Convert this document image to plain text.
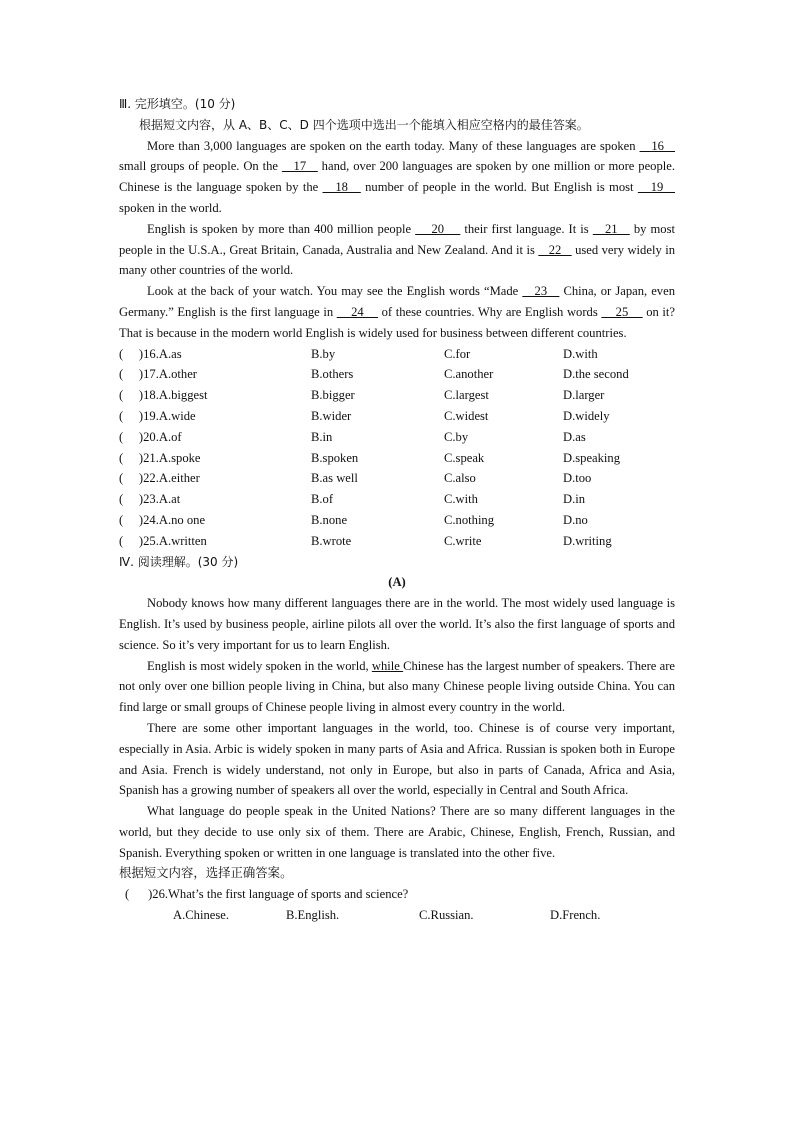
Ⅲ. 完形填空。(10 分)
根据短文内容，从 A、B、C、D 四个选项中选出一个能填入相应空格内的最佳答案。

More than 3,000 languages are spoken on the earth today. Many of these languages are spoken    16    small groups of people. On the    17    hand, over 200 languages are spoken by one million or more people. Chinese is the language spoken by the    18    number of people in the world. But English is most    19    spoken in the world.

English is spoken by more than 400 million people     20     their first language. It is    21    by most people in the U.S.A., Great Britain, Canada, Australia and New Zealand. And it is    22    used very widely in many other countries of the world.

Look at the back of your watch. You may see the English words “Made    23    China, or Japan, even Germany.” English is the first language in     24     of these countries. Why are English words     25     on it? That is because in the modern world English is widely used for business between different countries.

(     )16.A.as	B.by	C.for	D.with
(     )17.A.other	B.others	C.another	D.the second
(     )18.A.biggest	B.bigger	C.largest	D.larger
(     )19.A.wide	B.wider	C.widest	D.widely
(     )20.A.of	B.in	C.by	D.as
(     )21.A.spoke	B.spoken	C.speak	D.speaking
(     )22.A.either	B.as well	C.also	D.too
(     )23.A.at	B.of	C.with	D.in
(     )24.A.no one	B.none	C.nothing	D.no
(     )25.A.written	B.wrote	C.write	D.writing
Ⅳ. 阅读理解。(30 分)
(A)

Nobody knows how many different languages there are in the world. The most widely used language is English. It’s used by business people, airline pilots all over the world. It’s also the first language of sports and science. So it’s very important for us to learn English.

English is most widely spoken in the world, while Chinese has the largest number of speakers. There are not only over one billion people living in China, but also many Chinese people living outside China. You can find large or small groups of Chinese people living in almost every country in the world.

There are some other important languages in the world, too. Chinese is of course very important, especially in Asia. Arbic is widely spoken in many parts of Asia and Africa. Russian is spoken both in Europe and Asia. French is widely understand, not only in Europe, but also in parts of Canada, Africa and Asia, Spanish has a growing number of speakers all over the world, especially in Central and South Africa.

What language do people speak in the United Nations? There are so many different languages in the world, but they decide to use only six of them. There are Arabic, Chinese, English, French, Russian, and Spanish. Everything spoken or written in one language is translated into the other five.

根据短文内容，选择正确答案。
(      )26.What’s the first language of sports and science?
A.Chinese.	B.English.	C.Russian.	D.French.
